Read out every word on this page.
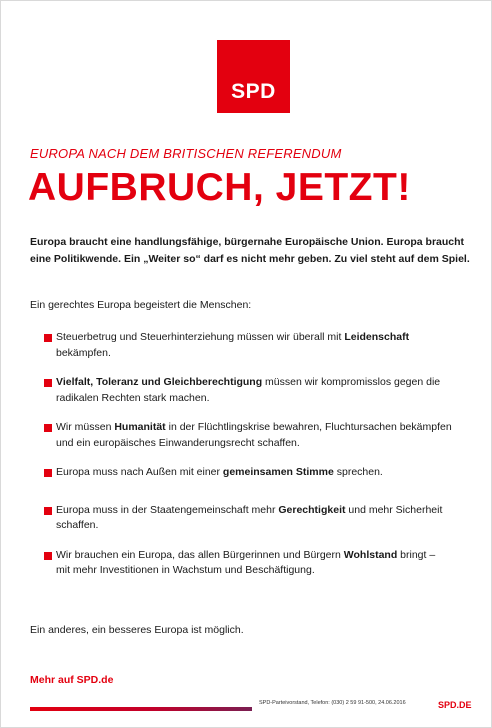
SPD
EUROPA NACH DEM BRITISCHEN REFERENDUM
AUFBRUCH, JETZT!
Europa braucht eine handlungsfähige, bürgernahe Europäische Union. Europa braucht eine Politikwende. Ein „Weiter so“ darf es nicht mehr geben. Zu viel steht auf dem Spiel.
Ein gerechtes Europa begeistert die Menschen:
Steuerbetrug und Steuerhinterziehung müssen wir überall mit Leidenschaft
bekämpfen.
Vielfalt, Toleranz und Gleichberechtigung müssen wir kompromisslos gegen die
radikalen Rechten stark machen.
Wir müssen Humanität in der Flüchtlingskrise bewahren, Fluchtursachen bekämpfen
und ein europäisches Einwanderungsrecht schaffen.
Europa muss nach Außen mit einer gemeinsamen Stimme sprechen.
Europa muss in der Staatengemeinschaft mehr Gerechtigkeit und mehr Sicherheit
schaffen.
Wir brauchen ein Europa, das allen Bürgerinnen und Bürgern Wohlstand bringt –
mit mehr Investitionen in Wachstum und Beschäftigung.
Ein anderes, ein besseres Europa ist möglich.
Mehr auf SPD.de
SPD-Parteivorstand, Telefon: (030) 2 59 91-500, 24.06.2016	SPD.DE
